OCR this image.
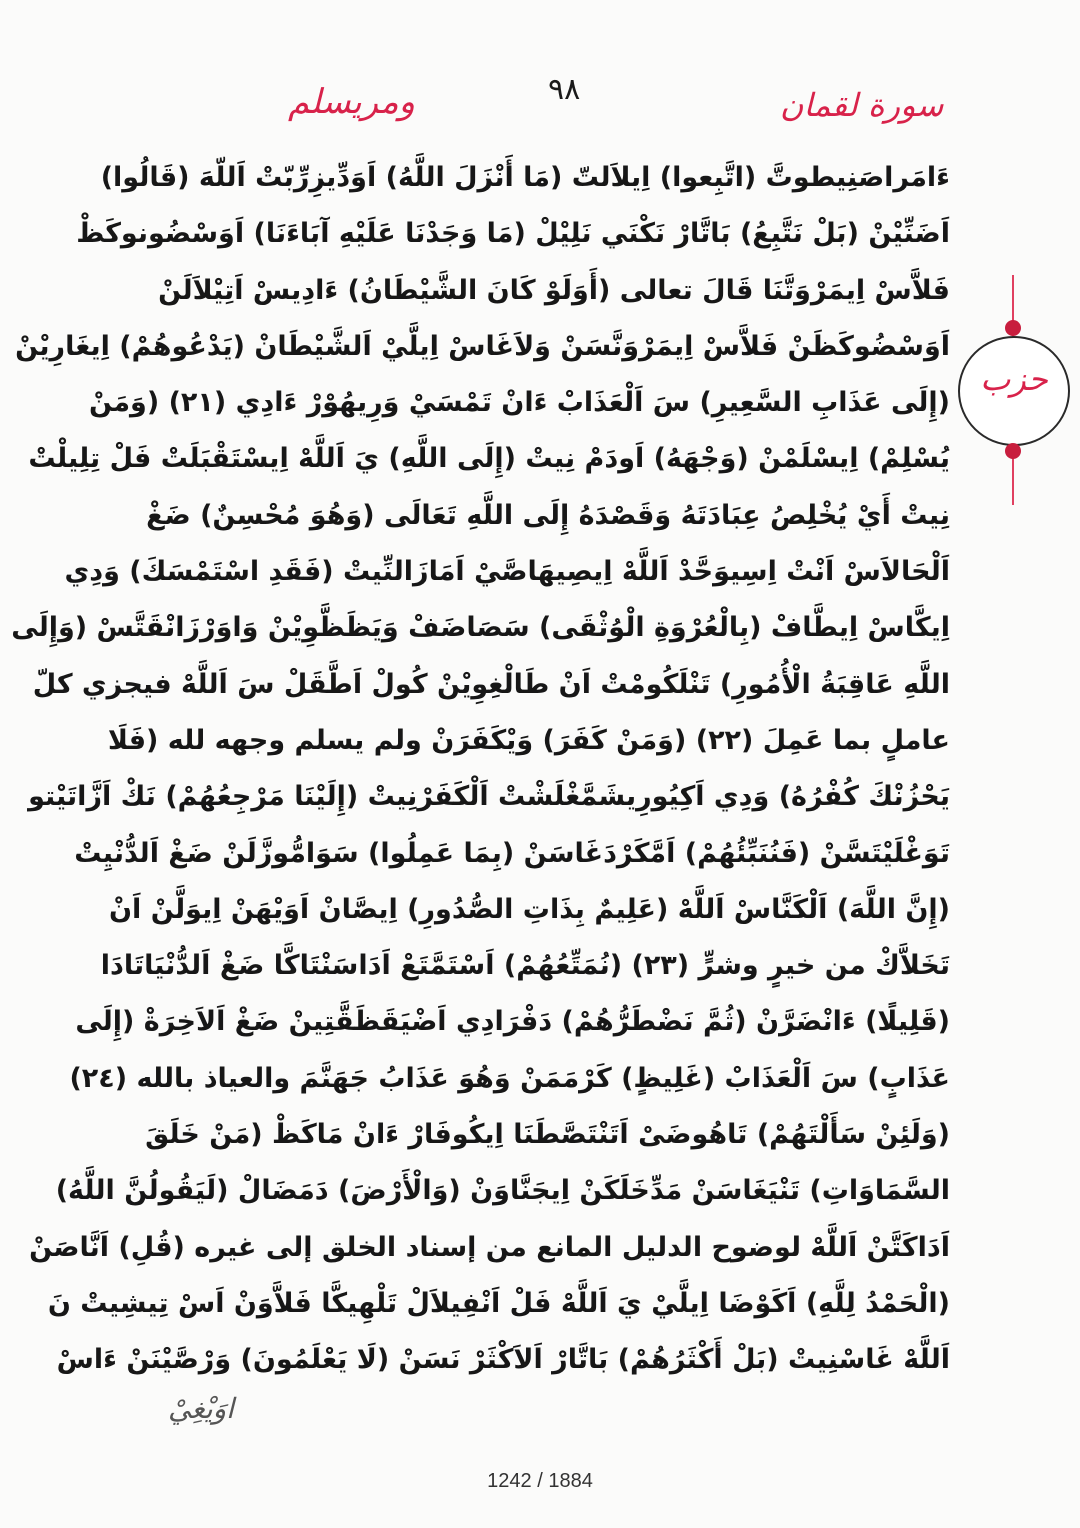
ومريسلم	٩٨	سورة لقمان
حزب
ءَامَراصَنِيطوتَّ (اتَّبِعوا) اِيلاَلتّ (مَا أَنْزَلَ اللَّهُ) اَوَدِّيزِرِّبّتْ اَللّهَ (قَالُوا)
اَضَنِّيْنْ (بَلْ نَتَّبِعُ) بَاتَّارْ نَكْنَي نَلِيْلْ (مَا وَجَدْنَا عَلَيْهِ آبَاءَنَا) اَوَسْضُونوكَظْ
فَلاَّسْ اِيمَرْوَتَّنَا قَالَ تعالى (أَوَلَوْ كَانَ الشَّيْطَانُ) ءَادِيسْ اَتِيْلاَلَنْ
اَوَسْضُوكَظَنْ فَلاَّسْ اِيمَرْوَنَّسَنْ وَلاَغَاسْ اِيلَّيْ اَلشَّيْطَانْ (يَدْعُوهُمْ) اِيغَارِيْنْ
(إِلَى عَذَابِ السَّعِيرِ) سَ اَلْعَذَابْ ءَانْ تَمْسَيْ وَرِيهُوْرْ ءَادِي (٢١) (وَمَنْ
يُسْلِمْ) اِيسْلَمْنْ (وَجْهَهُ) اَودَمْ نِيتْ (إِلَى اللَّهِ) يَ اَللَّهْ اِيسْتَقْبَلَتْ فَلْ تِلِيلْتْ
نِيتْ أَيْ يُخْلِصُ عِبَادَتَهُ وَقَصْدَهُ إِلَى اللَّهِ تَعَالَى (وَهُوَ مُحْسِنٌ) ضَغْ
اَلْحَالاَسْ اَنْتْ اِسِيوَحَّدْ اَللَّهْ اِيصِيهَاصَّيْ اَمَازَالنِّيتْ (فَقَدِ اسْتَمْسَكَ) وَدِي
اِيكَّاسْ اِيطَّافْ (بِالْعُرْوَةِ الْوُثْقَى) سَصَاضَفْ وَيَظَظَّوِيْنْ وَاوَرْزَانْقَتَّسْ (وَإِلَى
اللَّهِ عَاقِبَةُ الْأُمُورِ) تَنْلَكُومْتْ اَنْ طَالْغِوِيْنْ كُولْ اَطَّقَلْ سَ اَللَّهْ فيجزي كلّ
عاملٍ بما عَمِلَ (٢٢) (وَمَنْ كَفَرَ) وَيْكَفَرَنْ ولم يسلم وجهه لله (فَلَا
يَحْزُنْكَ كُفْرُهُ) وَدِي اَكِيُورِيشَمَّغْلَشْتْ اَلْكَفَرْنِيتْ (إِلَيْنَا مَرْجِعُهُمْ) نَكْ اَزَّاتَيْتو
تَوَغْلَيْتَسَّنْ (فَنُنَبِّئُهُمْ) اَمَّكَرْدَغَاسَنْ (بِمَا عَمِلُوا) سَوَامُّوزَّلَنْ ضَغْ اَلدُّنْيِتْ
(إِنَّ اللَّهَ) اَلْكَنَّاسْ اَللَّهْ (عَلِيمٌ بِذَاتِ الصُّدُورِ) اِيصَّانْ اَوَيْهَنْ اِيوَلَّنْ اَنْ
تَخَلاَّكْ من خيرٍ وشرٍّ (٢٣) (نُمَتِّعُهُمْ) اَسْتَمَّتَعْ اَدَاسَنْتَاكَّا ضَغْ اَلدُّنْيَاتَادَا
(قَلِيلًا) ءَانْضَرَّنْ (ثُمَّ نَضْطَرُّهُمْ) دَفْرَادِي اَضْيَقَظَقَّتِينْ ضَغْ اَلاَخِرَةْ (إِلَى
عَذَابٍ) سَ اَلْعَذَابْ (غَلِيظٍ) كَرْمَمَنْ وَهُوَ عَذَابُ جَهَنَّمَ والعياذ بالله (٢٤)
(وَلَئِنْ سَأَلْتَهُمْ) تَاهُوضَىْ اَتَنْتَصَّطَنَا اِيكُوفَارْ ءَانْ مَاكَظْ (مَنْ خَلَقَ
السَّمَاوَاتِ) تَنْيَغَاسَنْ مَدِّخَلَكَنْ اِيجَنَّاوَنْ (وَالْأَرْضَ) دَمَضَالْ (لَيَقُولُنَّ اللَّهُ)
اَدَاكَتَّنْ اَللَّهْ لوضوح الدليل المانع من إسناد الخلق إلى غيره (قُلِ) اَنَّاصَنْ
(الْحَمْدُ لِلَّهِ) اَكَوْضَا اِيلَّيْ يَ اَللَّهْ فَلْ اَنْفِيلاَلْ تَلْهِيكَّا فَلاَّوَنْ اَسْ تِيشِيتْ نَ
اَللَّهْ غَاسْنِيتْ (بَلْ أَكْثَرُهُمْ) بَاتَّارْ اَلاَكْثَرْ نَسَنْ (لَا يَعْلَمُونَ) وَرْصَّيْنَنْ ءَاسْ
اوَيْغِيْ
1242 / 1884
